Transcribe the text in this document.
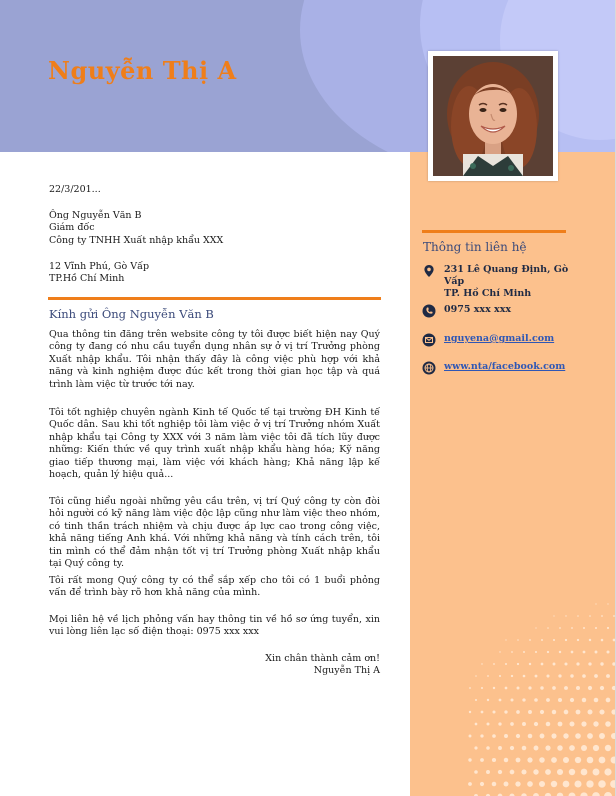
Nguyễn Thị A
Thông tin liên hệ
231 Lê Quang Định, Gò
Vấp
TP. Hồ Chí Minh
0975 xxx xxx
nguyena@gmail.com
www.nta/facebook.com
22/3/201...
Ông Nguyễn Văn B
Giám đốc
Công ty TNHH Xuất nhập khẩu XXX
12 Vĩnh Phú, Gò Vấp
TP.Hồ Chí Minh
Kính gửi Ông Nguyễn Văn B
Qua thông tin đăng trên website công ty tôi được biết hiện nay Quý công ty đang có nhu cầu tuyển dụng nhân sự ở vị trí Trưởng phòng Xuất nhập khẩu. Tôi nhận thấy đây là công việc phù hợp với khả năng và kinh nghiệm được đúc kết trong thời gian học tập và quá trình làm việc từ trước tới nay.
Tôi tốt nghiệp chuyên ngành Kinh tế Quốc tế tại trường ĐH Kinh tế Quốc dân. Sau khi tốt nghiệp tôi làm việc ở vị trí Trưởng nhóm Xuất nhập khẩu tại Công ty XXX với 3 năm làm việc tôi đã tích lũy được những: Kiến thức về quy trình xuất nhập khẩu hàng hóa; Kỹ năng giao tiếp thương mại, làm việc với khách hàng; Khả năng lập kế hoạch, quản lý hiệu quả...
Tôi cũng hiểu ngoài những yêu cầu trên, vị trí Quý công ty còn đòi hỏi người có kỹ năng làm việc độc lập cũng như làm việc theo nhóm, có tinh thần trách nhiệm và chịu được áp lực cao trong công việc, khả năng tiếng Anh khá. Với những khả năng và tính cách trên, tôi tin mình có thể đảm nhận tốt vị trí Trưởng phòng Xuất nhập khẩu tại Quý công ty.
Tôi rất mong Quý công ty có thể sắp xếp cho tôi có 1 buổi phỏng vấn để trình bày rõ hơn khả năng của mình.
Mọi liên hệ về lịch phỏng vấn hay thông tin về hồ sơ ứng tuyển, xin vui lòng liên lạc số điện thoại: 0975 xxx xxx
Xin chân thành cảm ơn!
Nguyễn Thị A
